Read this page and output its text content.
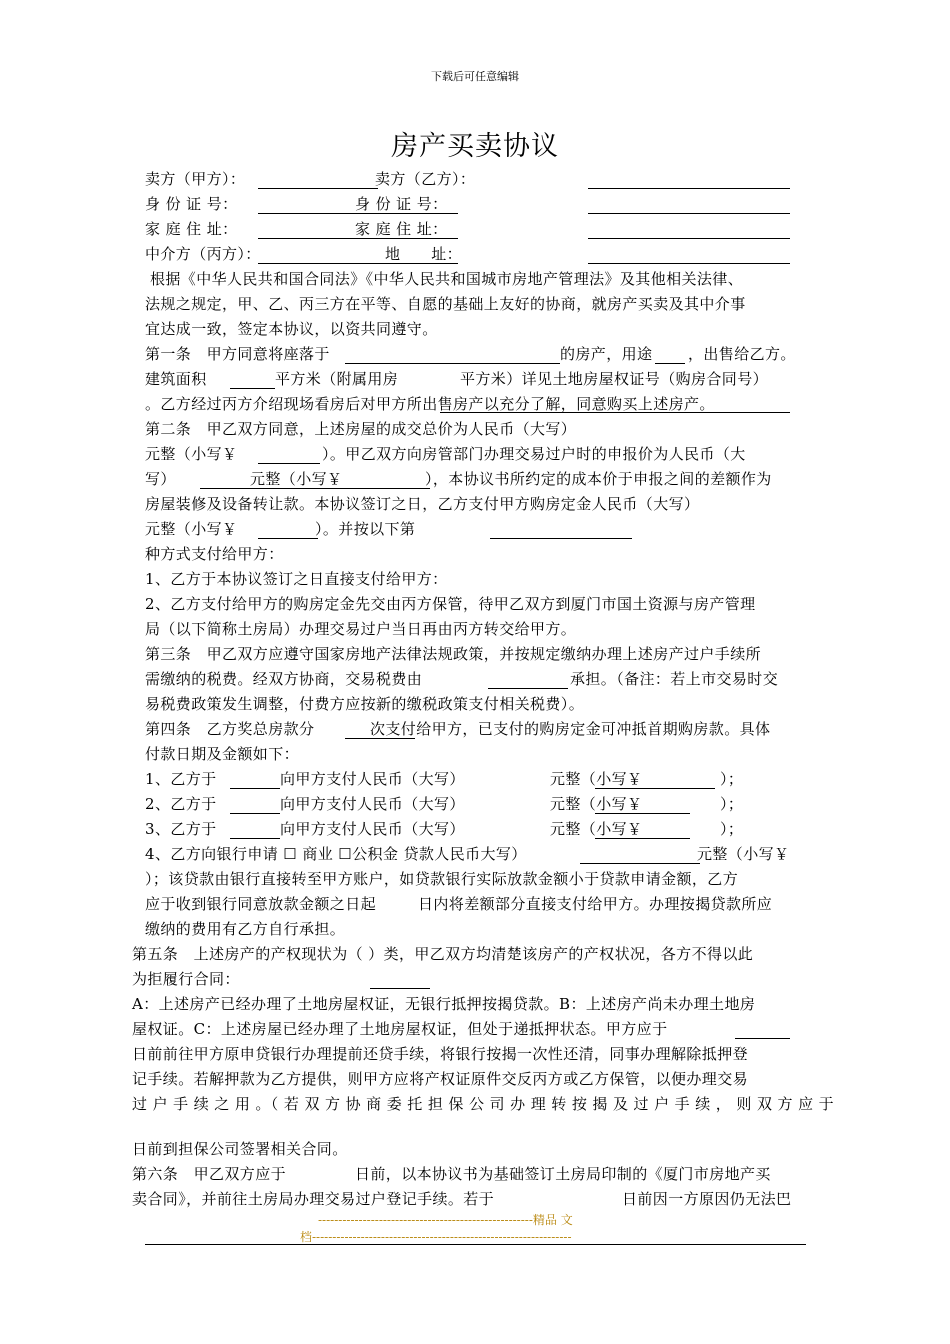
下载后可任意编辑
房产买卖协议
卖方（甲方）：	卖方（乙方）：
身 份 证 号：	身 份 证 号：
家 庭 住 址：	家 庭 住 址：
中介方（丙方）：	地　　址：
根据《中华人民共和国合同法》《中华人民共和国城市房地产管理法》及其他相关法律、
法规之规定，甲、乙、丙三方在平等、自愿的基础上友好的协商，就房产买卖及其中介事
宜达成一致，签定本协议，以资共同遵守。
第一条　甲方同意将座落于	的房产，用途 ，出售给乙方。
建筑面积	平方米（附属用房	平方米）详见土地房屋权证号（购房合同号）
。乙方经过丙方介绍现场看房后对甲方所出售房产以充分了解，同意购买上述房产。
第二条　甲乙双方同意，上述房屋的成交总价为人民币（大写）
元整（小写￥	）。甲乙双方向房管部门办理交易过户时的申报价为人民币（大
写）	元整（小写￥	），本协议书所约定的成本价于申报之间的差额作为
房屋装修及设备转让款。本协议签订之日，乙方支付甲方购房定金人民币（大写）
元整（小写￥	）。并按以下第
种方式支付给甲方：
1、乙方于本协议签订之日直接支付给甲方：
2、乙方支付给甲方的购房定金先交由丙方保管，待甲乙双方到厦门市国土资源与房产管理
局（以下简称土房局）办理交易过户当日再由丙方转交给甲方。
第三条　甲乙双方应遵守国家房地产法律法规政策，并按规定缴纳办理上述房产过户手续所
需缴纳的税费。经双方协商，交易税费由	承担。（备注：若上市交易时交
易税费政策发生调整，付费方应按新的缴税政策支付相关税费）。
第四条　乙方奖总房款分	次支付给甲方，已支付的购房定金可冲抵首期购房款。具体
付款日期及金额如下：
1、乙方于	向甲方支付人民币（大写）	元整（小写￥	）；
2、乙方于	向甲方支付人民币（大写）	元整（小写￥	）；
3、乙方于	向甲方支付人民币（大写）	元整（小写￥	）；
4、乙方向银行申请 ☐ 商业 ☐公积金 贷款人民币大写）	元整（小写￥
）；该贷款由银行直接转至甲方账户，如贷款银行实际放款金额小于贷款申请金额，乙方
应于收到银行同意放款金额之日起	日内将差额部分直接支付给甲方。办理按揭贷款所应
缴纳的费用有乙方自行承担。
第五条　上述房产的产权现状为（ ）类，甲乙双方均清楚该房产的产权状况，各方不得以此
为拒履行合同：
A：上述房产已经办理了土地房屋权证，无银行抵押按揭贷款。B：上述房产尚未办理土地房
屋权证。C：上述房屋已经办理了土地房屋权证，但处于递抵押状态。甲方应于
日前前往甲方原申贷银行办理提前还贷手续，将银行按揭一次性还清，同事办理解除抵押登
记手续。若解押款为乙方提供，则甲方应将产权证原件交反丙方或乙方保管，以便办理交易
过 户 手 续 之 用 。（ 若 双 方 协 商 委 托 担 保 公 司 办 理 转 按 揭 及 过 户 手 续 ， 则 双 方 应 于
日前到担保公司签署相关合同。
第六条　甲乙双方应于	日前，以本协议书为基础签订土房局印制的《厦门市房地产买
卖合同》，并前往土房局办理交易过户登记手续。若于	日前因一方原因仍无法巴
-----------------------------------------------------精品 文
档----------------------------------------------------------------
